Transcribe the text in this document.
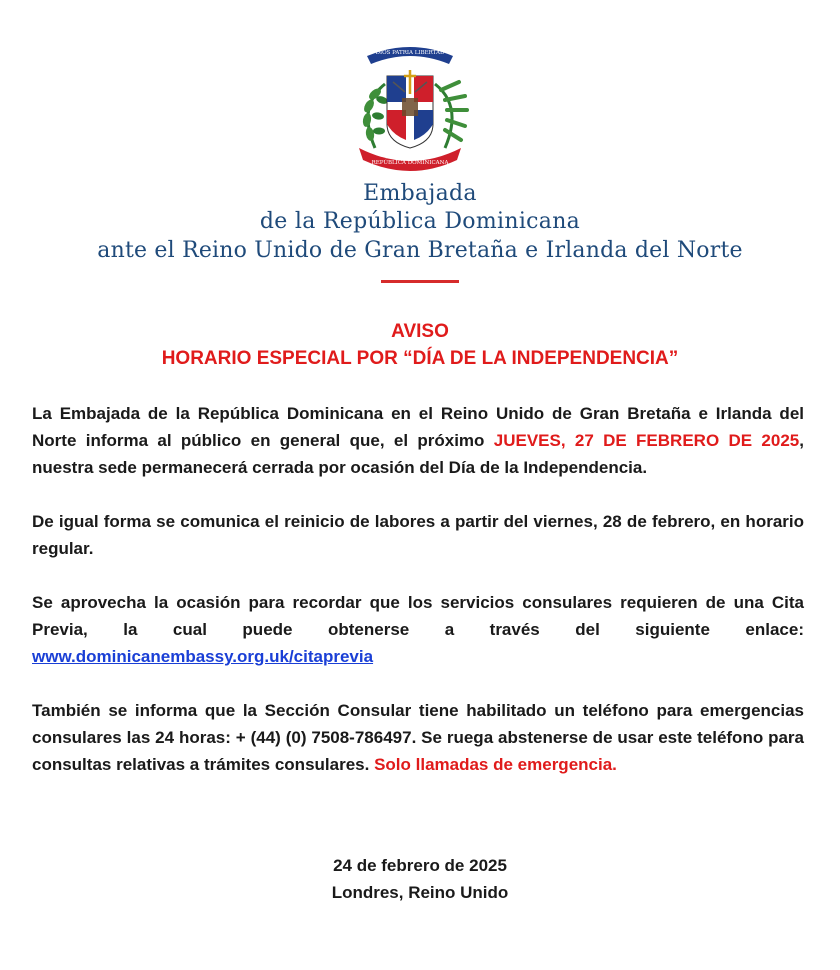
REPÚBLICA DOMINICANA
DIOS PATRIA LIBERTAD
Embajada
de la República Dominicana
ante el Reino Unido de Gran Bretaña e Irlanda del Norte
AVISO
HORARIO ESPECIAL POR “DÍA DE LA INDEPENDENCIA”

La Embajada de la República Dominicana en el Reino Unido de Gran Bretaña e Irlanda del Norte informa al público en general que, el próximo JUEVES, 27 DE FEBRERO DE 2025, nuestra sede permanecerá cerrada por ocasión del Día de la Independencia.

De igual forma se comunica el reinicio de labores a partir del viernes, 28 de febrero, en horario regular.

Se aprovecha la ocasión para recordar que los servicios consulares requieren de una Cita Previa, la cual puede obtenerse a través del siguiente enlace: www.dominicanembassy.org.uk/citaprevia

También se informa que la Sección Consular tiene habilitado un teléfono para emergencias consulares las 24 horas: + (44) (0) 7508-786497. Se ruega abstenerse de usar este teléfono para consultas relativas a trámites consulares. Solo llamadas de emergencia.

24 de febrero de 2025
Londres, Reino Unido
